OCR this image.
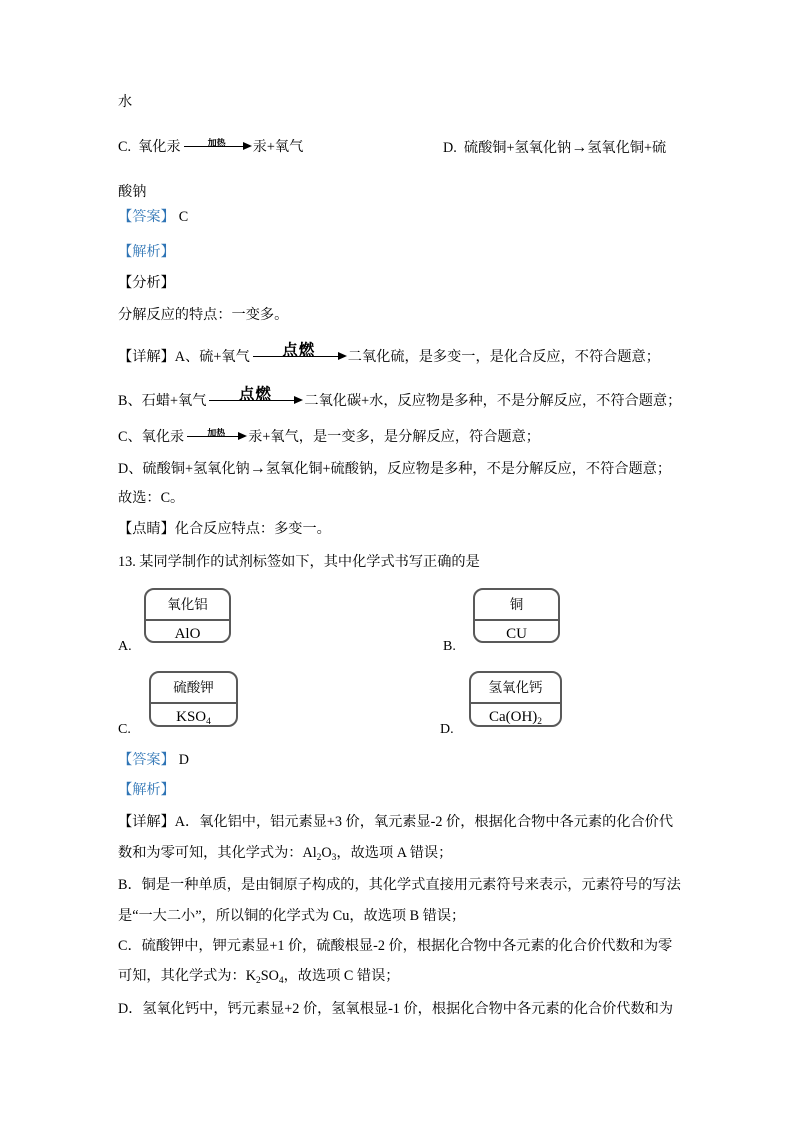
水
C.  氧化汞	加热 汞+氧气	D.  硫酸铜+氢氧化钠→氢氧化铜+硫
酸钠
【答案】 C
【解析】
【分析】
分解反应的特点：一变多。
【详解】A、硫+氧气 点燃 二氧化硫，是多变一，是化合反应，不符合题意；
B、石蜡+氧气 点燃 二氧化碳+水，反应物是多种，不是分解反应，不符合题意；
C、氧化汞	加热 汞+氧气，是一变多，是分解反应，符合题意；
D、硫酸铜+氢氧化钠→氢氧化铜+硫酸钠，反应物是多种，不是分解反应，不符合题意；
故选：C。
【点睛】化合反应特点：多变一。
13. 某同学制作的试剂标签如下，其中化学式书写正确的是
A.
氧化铝
AlO
B.
铜
CU
C.
硫酸钾
$KSO_4$
D.
氢氧化钙
$Ca(OH)_2$
【答案】 D
【解析】
【详解】A．氧化铝中，铝元素显+3 价，氧元素显-2 价，根据化合物中各元素的化合价代
数和为零可知，其化学式为：$Al_2O_3$，故选项 A 错误；
B．铜是一种单质，是由铜原子构成的，其化学式直接用元素符号来表示，元素符号的写法
是“一大二小”，所以铜的化学式为 Cu，故选项 B 错误；
C．硫酸钾中，钾元素显+1 价，硫酸根显-2 价，根据化合物中各元素的化合价代数和为零
可知，其化学式为：$K_2SO_4$，故选项 C 错误；
D．氢氧化钙中，钙元素显+2 价，氢氧根显-1 价，根据化合物中各元素的化合价代数和为
